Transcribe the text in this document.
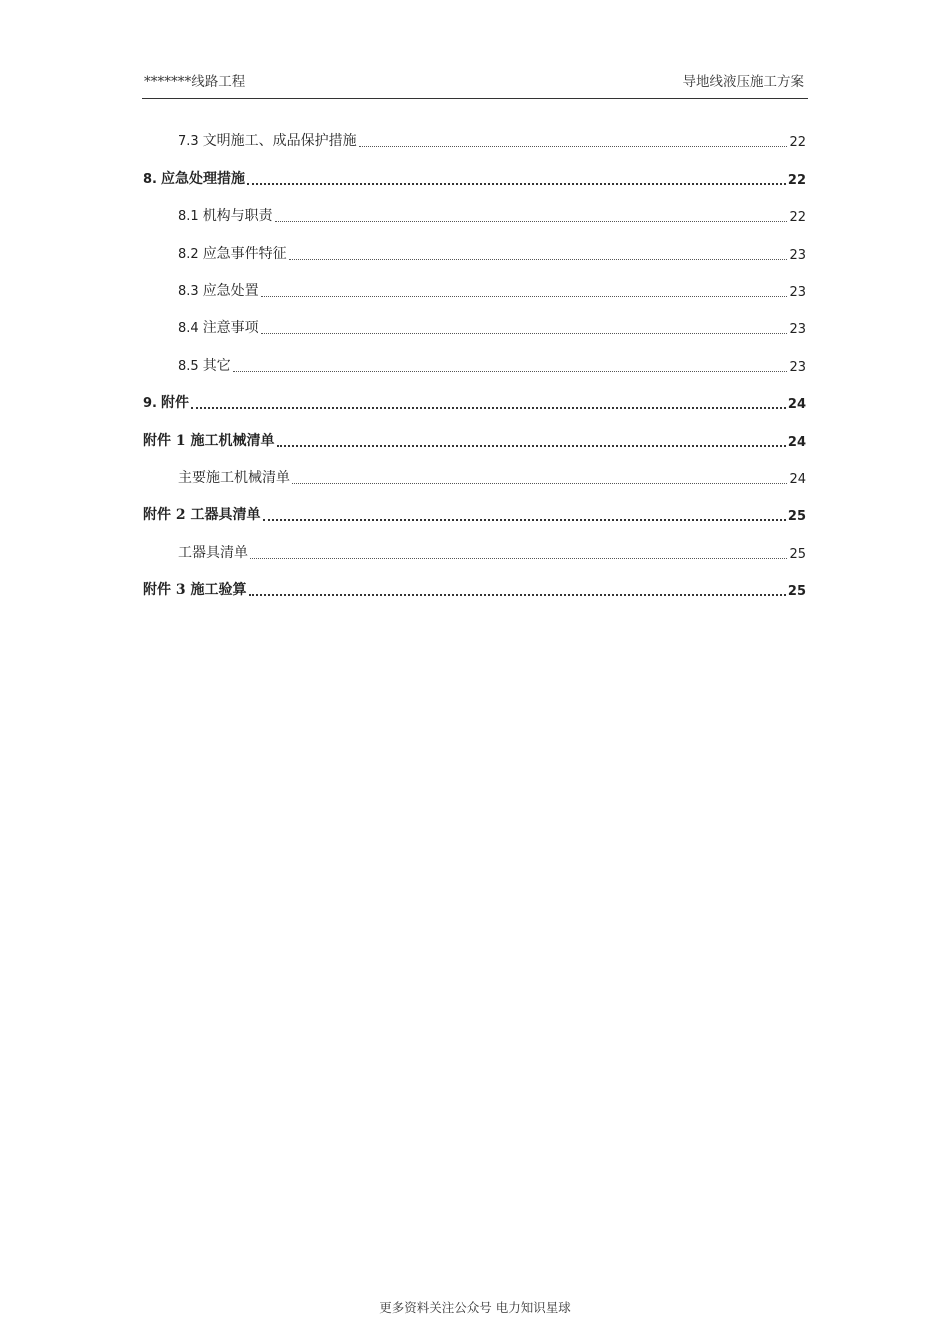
*******线路工程	导地线液压施工方案
7.3 文明施工、成品保护措施	22
8. 应急处理措施	22
8.1 机构与职责	22
8.2 应急事件特征	23
8.3 应急处置	23
8.4 注意事项	23
8.5 其它	23
9. 附件	24
附件 1 施工机械清单	24
主要施工机械清单	24
附件 2 工器具清单	25
工器具清单	25
附件 3 施工验算	25
更多资料关注公众号 电力知识星球
